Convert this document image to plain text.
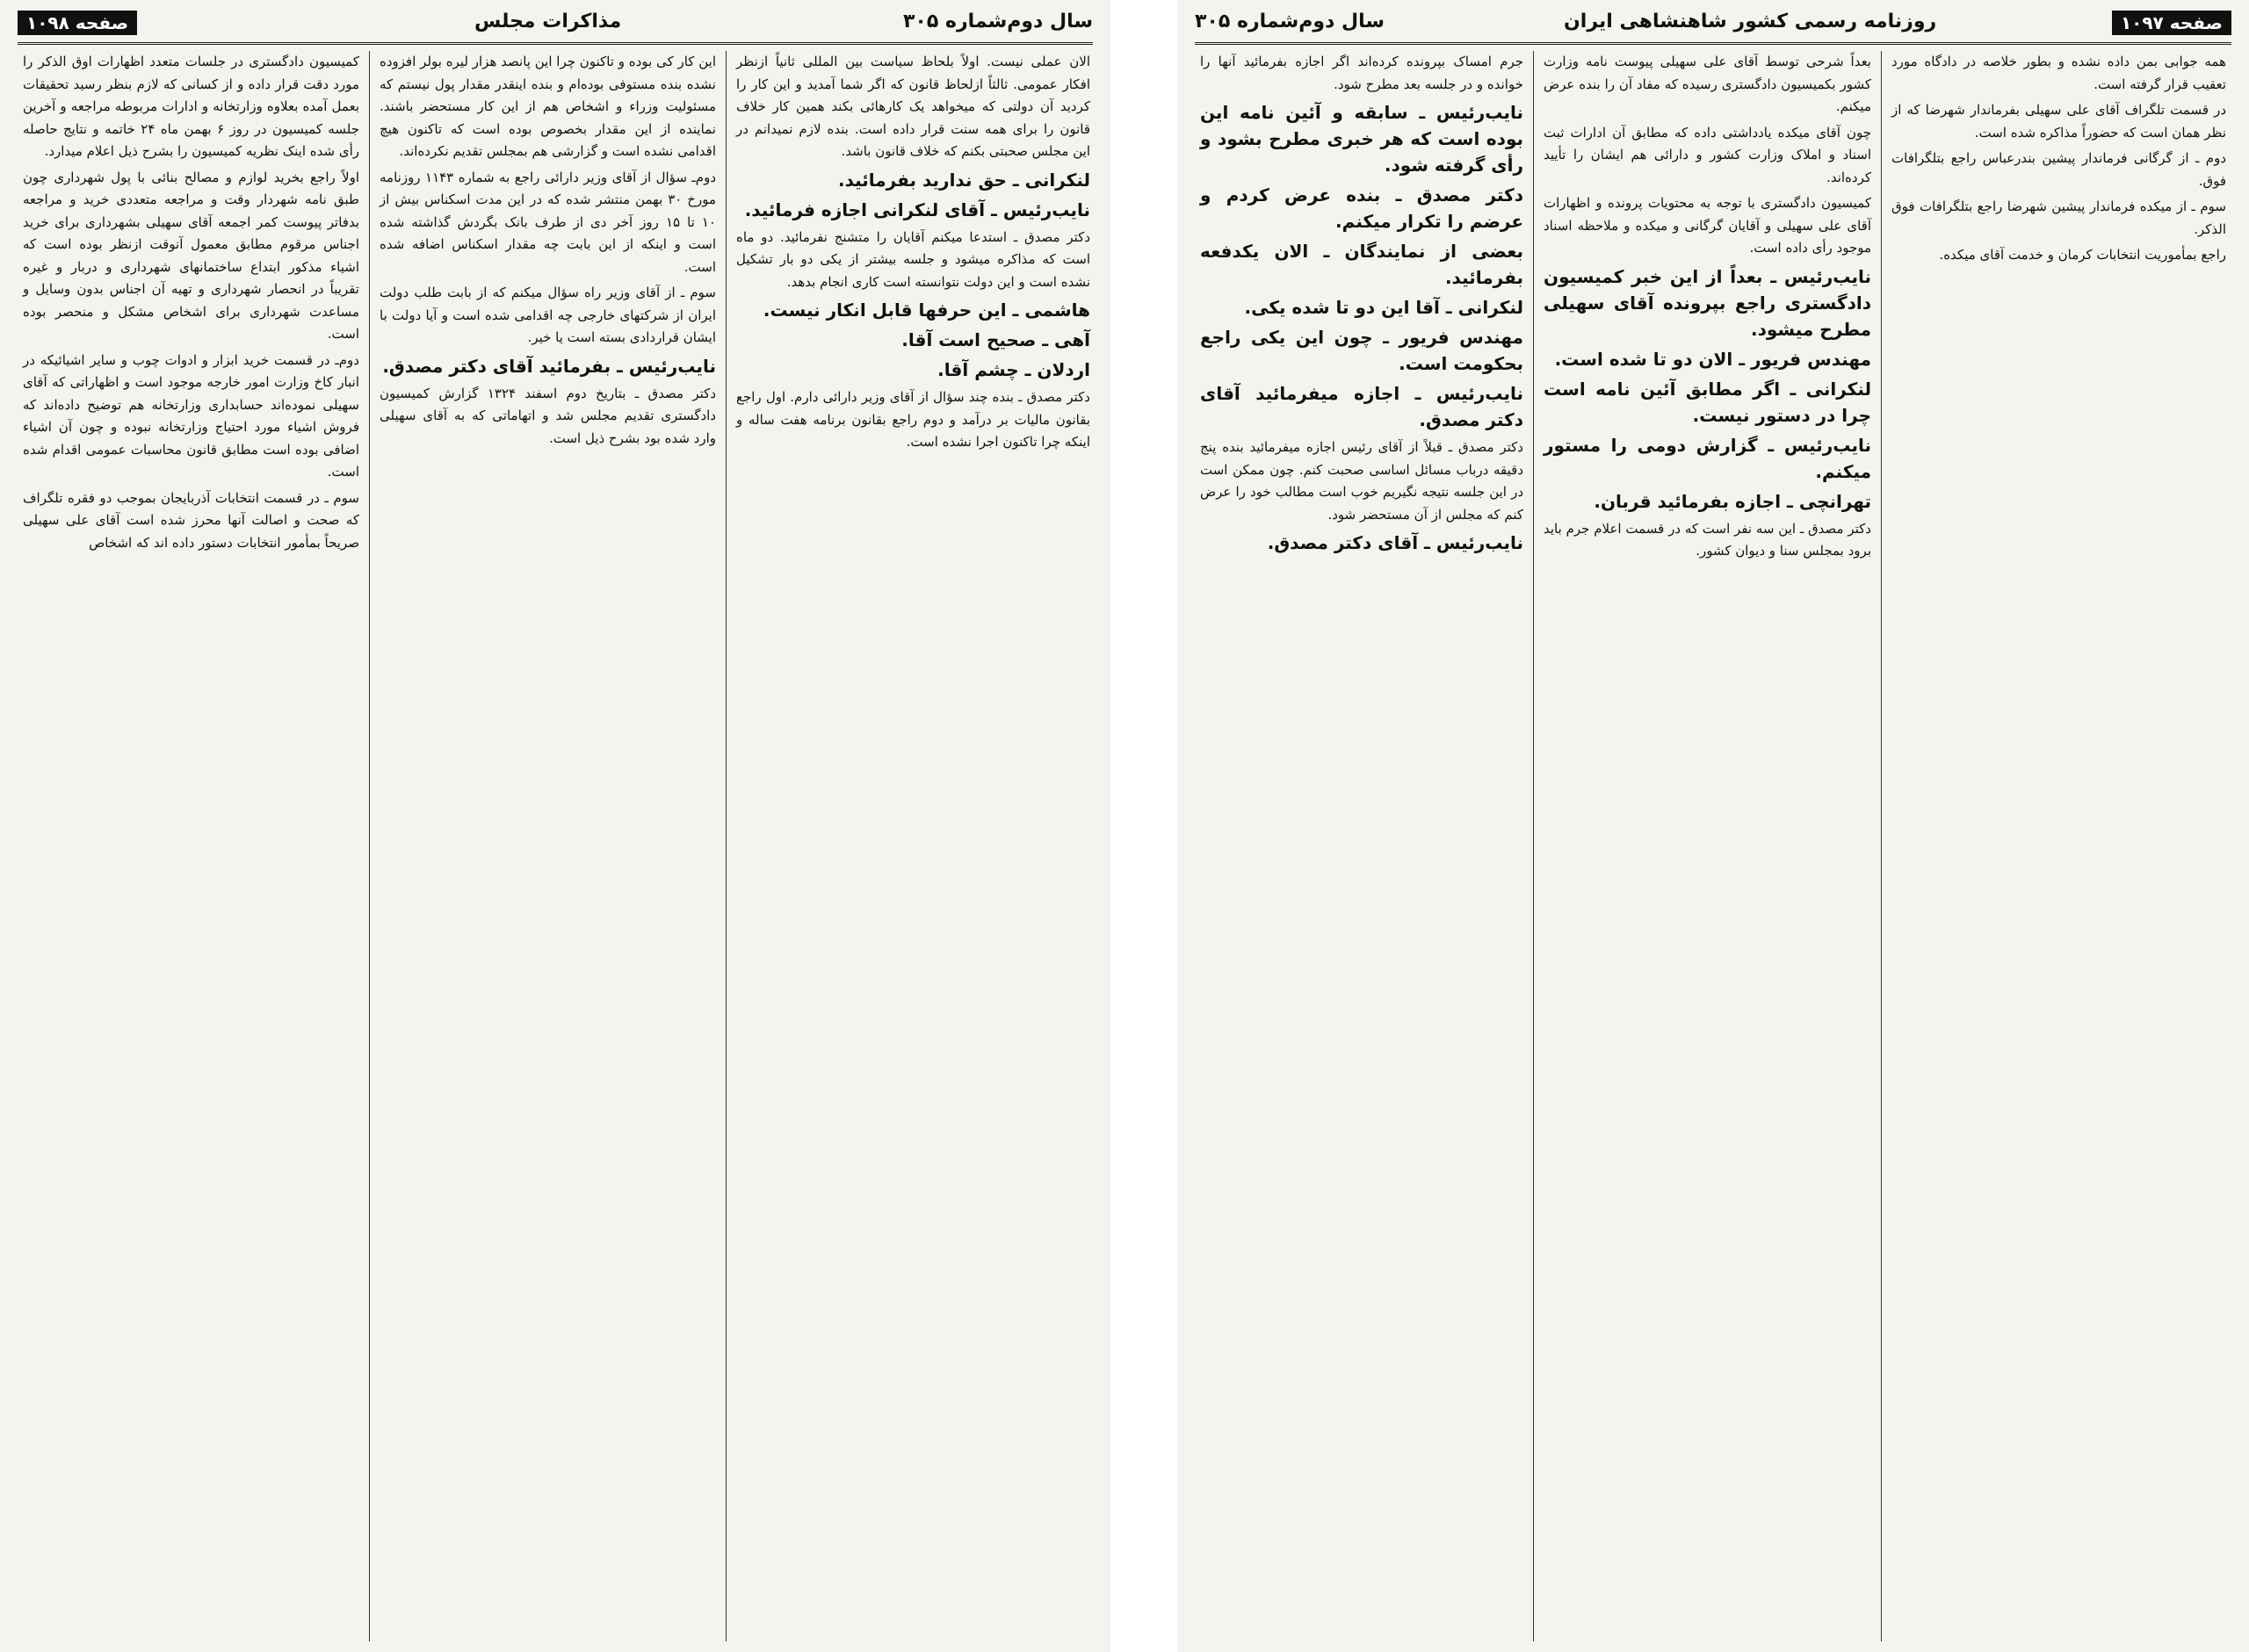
صفحه ۱۰۹۸	مذاکرات مجلس	سال دوم‌شماره ۳۰۵

کمیسیون دادگستری در جلسات متعدد اظهارات اوق الذکر را مورد دقت قرار داده و از کسانی که لازم بنظر رسید تحقیقات بعمل آمده بعلاوه وزارتخانه و ادارات مربوطه مراجعه و آخرین جلسه کمیسیون در روز ۶ بهمن ماه ۲۴ خاتمه و نتایج حاصله رأی شده اینک نظریه کمیسیون را بشرح ذیل اعلام میدارد.

اولاً راجع بخرید لوازم و مصالح بنائی با پول شهرداری چون طبق نامه شهردار وقت و مراجعه متعددی خرید و مراجعه بدفاتر پیوست کمر اجمعه آقای سهیلی بشهرداری برای خرید اجناس مرقوم مطابق معمول آنوقت ازنظر بوده است که اشیاء مذکور ابتداع ساختمانهای شهرداری و دربار و غیره تقریباً در انحصار شهرداری و تهیه آن اجناس بدون وسایل و مساعدت شهرداری برای اشخاص مشکل و منحصر بوده است.

دوم‌ـ در قسمت خرید ابزار و ادوات چوب و سایر اشیائیکه در انبار کاخ وزارت امور خارجه موجود است و اظهاراتی که آقای سهیلی نموده‌اند حسابداری وزارتخانه هم توضیح داده‌اند که فروش اشیاء مورد احتیاج وزارتخانه نبوده و چون آن اشیاء اضافی بوده است مطابق قانون محاسبات عمومی اقدام شده است.

سوم ـ در قسمت انتخابات آذربایجان بموجب دو فقره تلگراف که صحت و اصالت آنها محرز شده است آقای علی سهیلی صریحاً بمأمور انتخابات دستور داده اند که اشخاص

این کار کی بوده و تاکنون چرا این پانصد هزار لیره بولر افزوده نشده بنده مستوفی بوده‌ام و بنده اینقدر مقدار پول نیستم که مسئولیت وزراء و اشخاص هم از این کار مستحضر باشند. نماینده از این مقدار بخصوص بوده است که تاکنون هیچ اقدامی نشده است و گزارشی هم بمجلس تقدیم نکرده‌اند.

دوم‌ـ سؤال از آقای وزیر دارائی راجع به شماره ۱۱۴۳ روزنامه مورخ ۳۰ بهمن منتشر شده که در این مدت اسکناس بیش از ۱۰ تا ۱۵ روز آخر دی از طرف بانک بگردش گذاشته شده است و اینکه از این بابت چه مقدار اسکناس اضافه شده است.

سوم ـ از آقای وزیر راه سؤال میکنم که از بابت طلب دولت ایران از شرکتهای خارجی چه اقدامی شده است و آیا دولت با ایشان قراردادی بسته است یا خیر.

نایب‌رئیس ـ بفرمائید آقای دکتر مصدق.

دکتر مصدق ـ بتاریخ دوم اسفند ۱۳۲۴ گزارش کمیسیون دادگستری تقدیم مجلس شد و اتهاماتی که به آقای سهیلی وارد شده بود بشرح ذیل است.

الان عملی نیست. اولاً بلحاظ سیاست بین المللی ثانیاً ازنظر افکار عمومی. ثالثاً ازلحاظ قانون که اگر شما آمدید و این کار را کردید آن دولتی که میخواهد یک کارهائی بکند همین کار خلاف قانون را برای همه سنت قرار داده است. بنده لازم نمیدانم در این مجلس صحبتی بکنم که خلاف قانون باشد.

لنکرانی ـ حق ندارید بفرمائید.

نایب‌رئیس ـ آقای لنکرانی اجازه فرمائید.

دکتر مصدق ـ استدعا میکنم آقایان را متشنج نفرمائید. دو ماه است که مذاکره میشود و جلسه بیشتر از یکی دو بار تشکیل نشده است و این دولت نتوانسته است کاری انجام بدهد.

هاشمی ـ این حرفها قابل انکار نیست.

آهی ـ صحیح است آقا.

اردلان ـ چشم آقا.

دکتر مصدق ـ بنده چند سؤال از آقای وزیر دارائی دارم. اول راجع بقانون مالیات بر درآمد و دوم راجع بقانون برنامه هفت ساله و اینکه چرا تاکنون اجرا نشده است.

سال دوم‌شماره ۳۰۵	روزنامه رسمی کشور شاهنشاهی ایران	صفحه ۱۰۹۷

جرم امساک بپرونده کرده‌اند اگر اجازه بفرمائید آنها را خوانده و در جلسه بعد مطرح شود.

نایب‌رئیس ـ سابقه و آئین نامه این بوده است که هر خبری مطرح بشود و رأی گرفته شود.

دکتر مصدق ـ بنده عرض کردم و عرضم را تکرار میکنم.

بعضی از نمایندگان ـ الان یکدفعه بفرمائید.

لنکرانی ـ آقا این دو تا شده یکی.

مهندس فریور ـ چون این یکی راجع بحکومت است.

نایب‌رئیس ـ اجازه میفرمائید آقای دکتر مصدق.

دکتر مصدق ـ قبلاً از آقای رئیس اجازه میفرمائید بنده پنج دقیقه درباب مسائل اساسی صحبت کنم. چون ممکن است در این جلسه نتیجه نگیریم خوب است مطالب خود را عرض کنم که مجلس از آن مستحضر شود.

نایب‌رئیس ـ آقای دکتر مصدق.

بعداً شرحی توسط آقای علی سهیلی پیوست نامه وزارت کشور بکمیسیون دادگستری رسیده که مفاد آن را بنده عرض میکنم.

چون آقای میکده یادداشتی داده که مطابق آن ادارات ثبت اسناد و املاک وزارت کشور و دارائی هم ایشان را تأیید کرده‌اند.

کمیسیون دادگستری با توجه به محتویات پرونده و اظهارات آقای علی سهیلی و آقایان گرگانی و میکده و ملاحظه اسناد موجود رأی داده است.

نایب‌رئیس ـ بعداً از این خبر کمیسیون دادگستری راجع بپرونده آقای سهیلی مطرح میشود.

مهندس فریور ـ الان دو تا شده است.

لنکرانی ـ اگر مطابق آئین نامه است چرا در دستور نیست.

نایب‌رئیس ـ گزارش دومی را مستور میکنم.

تهرانچی ـ اجازه بفرمائید قربان.

دکتر مصدق ـ این سه نفر است که در قسمت اعلام جرم باید برود بمجلس سنا و دیوان کشور.

همه جوابی بمن داده نشده و بطور خلاصه در دادگاه مورد تعقیب قرار گرفته است.

در قسمت تلگراف آقای علی سهیلی بفرماندار شهرضا که از نظر همان است که حضوراً مذاکره شده است.

دوم ـ از گرگانی فرماندار پیشین بندرعباس راجع بتلگرافات فوق.

سوم ـ از میکده فرماندار پیشین شهرضا راجع بتلگرافات فوق الذکر.

راجع بمأموریت انتخابات کرمان و خدمت آقای میکده.
